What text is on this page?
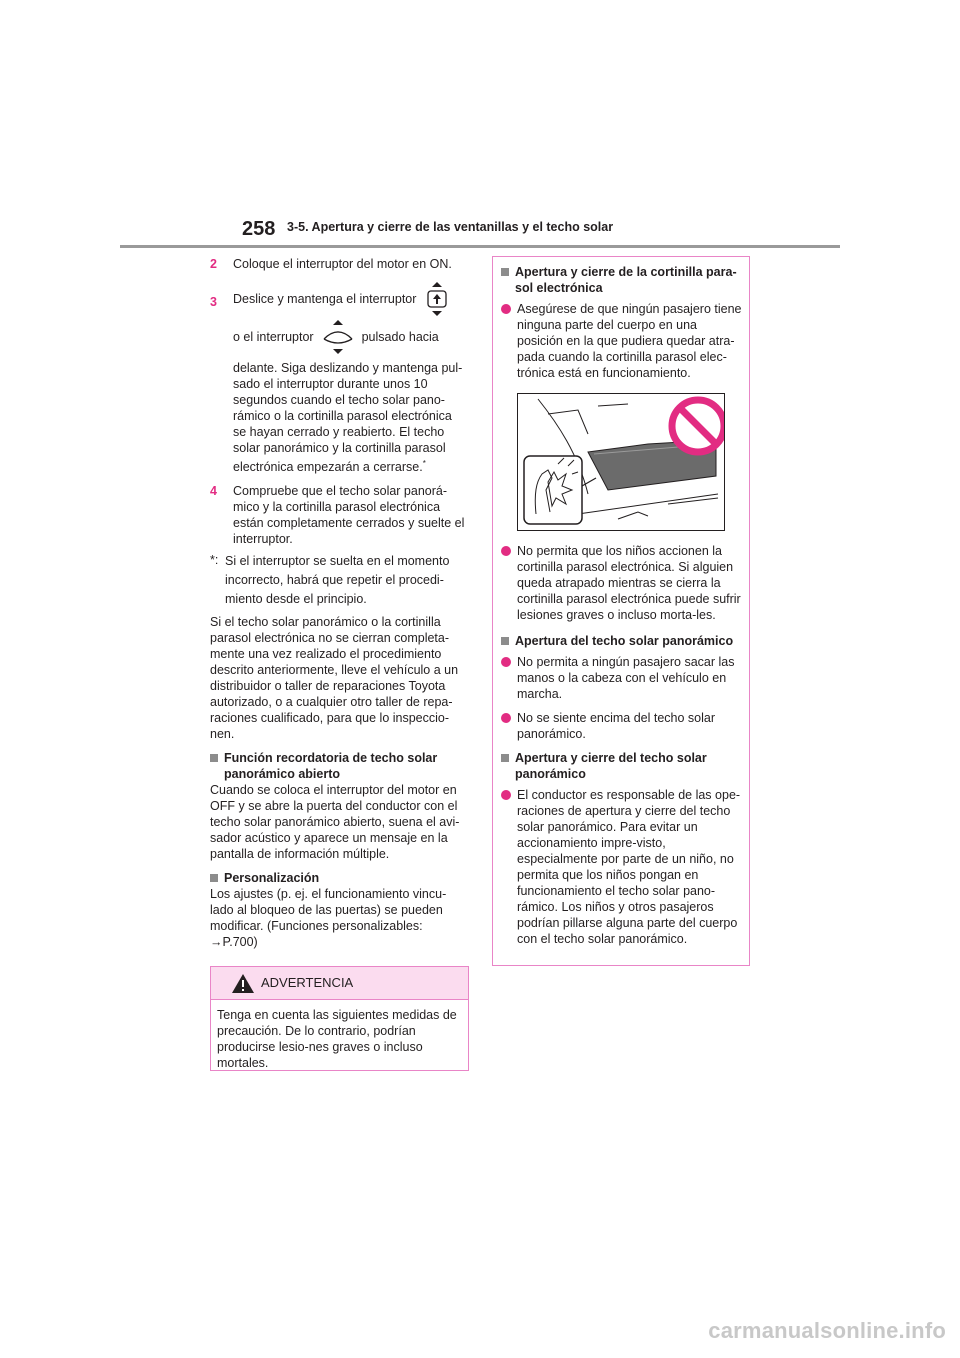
258 3-5. Apertura y cierre de las ventanillas y el techo solar
2	Coloque el interruptor del motor en ON.
3	Deslice y mantenga el interruptor
o el interruptor	pulsado hacia
delante. Siga deslizando y mantenga pul-sado el interruptor durante unos 10 segundos cuando el techo solar pano-rámico o la cortinilla parasol electrónica se hayan cerrado y reabierto. El techo solar panorámico y la cortinilla parasol electrónica empezarán a cerrarse.*
4	Compruebe que el techo solar panorá-mico y la cortinilla parasol electrónica están completamente cerrados y suelte el interruptor.
*: Si el interruptor se suelta en el momento incorrecto, habrá que repetir el procedi-miento desde el principio.
Si el techo solar panorámico o la cortinilla parasol electrónica no se cierran completa-mente una vez realizado el procedimiento descrito anteriormente, lleve el vehículo a un distribuidor o taller de reparaciones Toyota autorizado, o a cualquier otro taller de repa-raciones cualificado, para que lo inspeccio-nen.
Función recordatoria de techo solar panorámico abierto
Cuando se coloca el interruptor del motor en OFF y se abre la puerta del conductor con el techo solar panorámico abierto, suena el avi-sador acústico y aparece un mensaje en la pantalla de información múltiple.
Personalización
Los ajustes (p. ej. el funcionamiento vincu-lado al bloqueo de las puertas) se pueden modificar. (Funciones personalizables:
→P.700)
ADVERTENCIA
Tenga en cuenta las siguientes medidas de precaución. De lo contrario, podrían producirse lesio-nes graves o incluso mortales.
Apertura y cierre de la cortinilla para-sol electrónica
Asegúrese de que ningún pasajero tiene ninguna parte del cuerpo en una posición en la que pudiera quedar atra-pada cuando la cortinilla parasol elec-trónica está en funcionamiento.
No permita que los niños accionen la cortinilla parasol electrónica. Si alguien queda atrapado mientras se cierra la cortinilla parasol electrónica puede sufrir lesiones graves o incluso morta-les.
Apertura del techo solar panorámico
No permita a ningún pasajero sacar las manos o la cabeza con el vehículo en marcha.
No se siente encima del techo solar panorámico.
Apertura y cierre del techo solar panorámico
El conductor es responsable de las ope-raciones de apertura y cierre del techo solar panorámico. Para evitar un accionamiento impre-visto, especialmente por parte de un niño, no permita que los niños pongan en funcionamiento el techo solar pano-rámico. Los niños y otros pasajeros podrían pillarse alguna parte del cuerpo con el techo solar panorámico.
carmanualsonline.info
